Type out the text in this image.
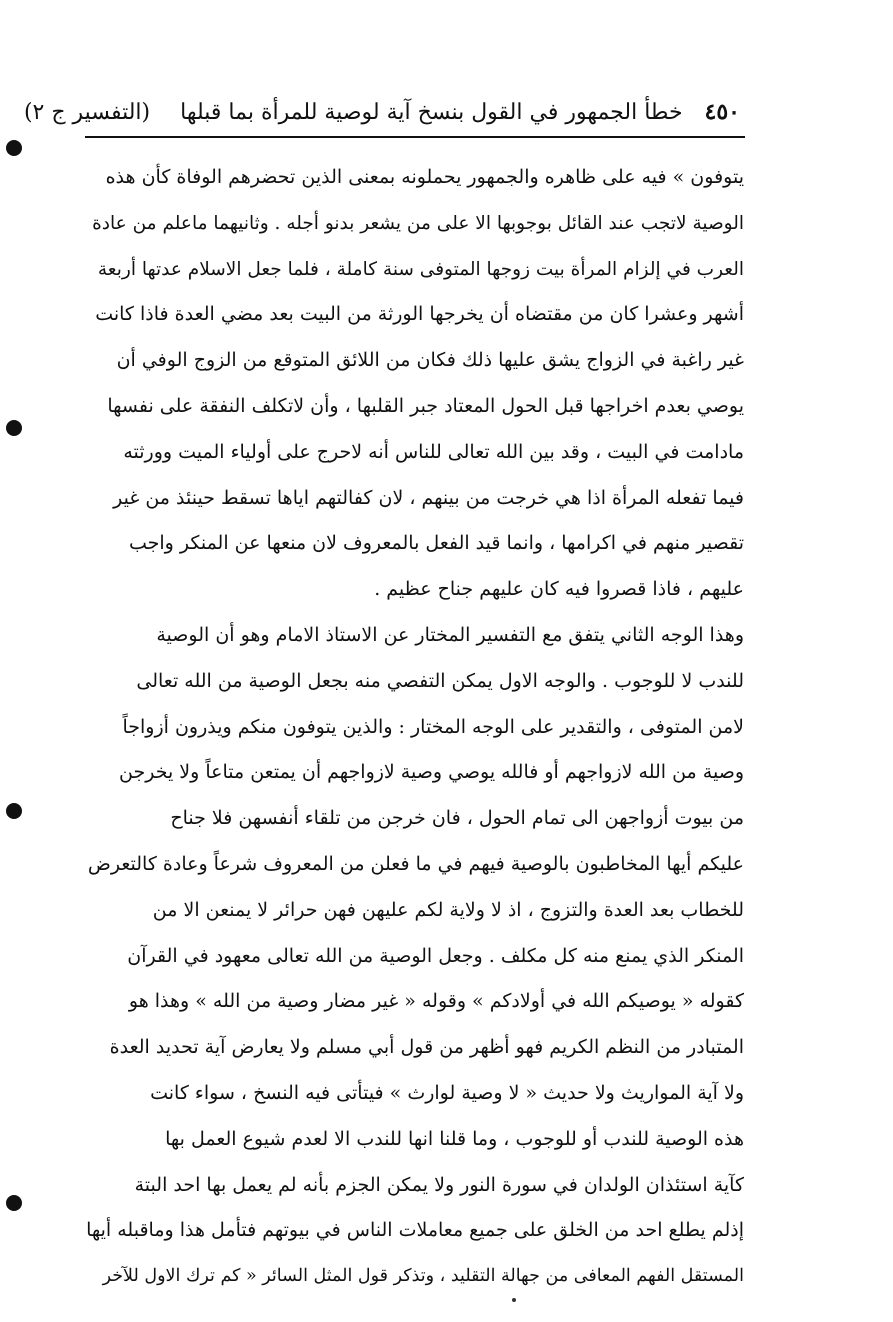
٤٥٠
خطأ الجمهور في القول بنسخ آية لوصية للمرأة بما قبلها
(التفسير ج ٢)
يتوفون » فيه على ظاهره والجمهور يحملونه بمعنى الذين تحضرهم الوفاة كأن هذه
الوصية لاتجب عند القائل بوجوبها الا على من يشعر بدنو أجله . وثانيهما ماعلم من عادة
العرب في إلزام المرأة بيت زوجها المتوفى سنة كاملة ، فلما جعل الاسلام عدتها أربعة
أشهر وعشرا كان من مقتضاه أن يخرجها الورثة من البيت بعد مضي العدة فاذا كانت
غير راغبة في الزواج يشق عليها ذلك فكان من اللائق المتوقع من الزوج الوفي أن
يوصي بعدم اخراجها قبل الحول المعتاد جبر القلبها ، وأن لاتكلف النفقة على نفسها
مادامت في البيت ، وقد بين الله تعالى للناس أنه لاحرج على أولياء الميت وورثته
فيما تفعله المرأة اذا هي خرجت من بينهم ، لان كفالتهم اياها تسقط حينئذ من غير
تقصير منهم في اكرامها ، وانما قيد الفعل بالمعروف لان منعها عن المنكر واجب
عليهم ، فاذا قصروا فيه كان عليهم جناح عظيم .
وهذا الوجه الثاني يتفق مع التفسير المختار عن الاستاذ الامام وهو أن الوصية
للندب لا للوجوب . والوجه الاول يمكن التفصي منه بجعل الوصية من الله تعالى
لامن المتوفى ، والتقدير على الوجه المختار : والذين يتوفون منكم ويذرون أزواجاً
وصية من الله لازواجهم أو فالله يوصي وصية لازواجهم أن يمتعن متاعاً ولا يخرجن
من بيوت أزواجهن الى تمام الحول ، فان خرجن من تلقاء أنفسهن فلا جناح
عليكم أيها المخاطبون بالوصية فيهم في ما فعلن من المعروف شرعاً وعادة كالتعرض
للخطاب بعد العدة والتزوج ، اذ لا ولاية لكم عليهن فهن حرائر لا يمنعن الا من
المنكر الذي يمنع منه كل مكلف . وجعل الوصية من الله تعالى معهود في القرآن
كقوله « يوصيكم الله في أولادكم » وقوله « غير مضار وصية من الله » وهذا هو
المتبادر من النظم الكريم فهو أظهر من قول أبي مسلم ولا يعارض آية تحديد العدة
ولا آية المواريث ولا حديث « لا وصية لوارث » فيتأتى فيه النسخ ، سواء كانت
هذه الوصية للندب أو للوجوب ، وما قلنا انها للندب الا لعدم شيوع العمل بها
كآية استئذان الولدان في سورة النور ولا يمكن الجزم بأنه لم يعمل بها احد البتة
إذلم يطلع احد من الخلق على جميع معاملات الناس في بيوتهم فتأمل هذا وماقبله أيها
المستقل الفهم المعافى من جهالة التقليد ، وتذكر قول المثل السائر « كم ترك الاول للآخر
